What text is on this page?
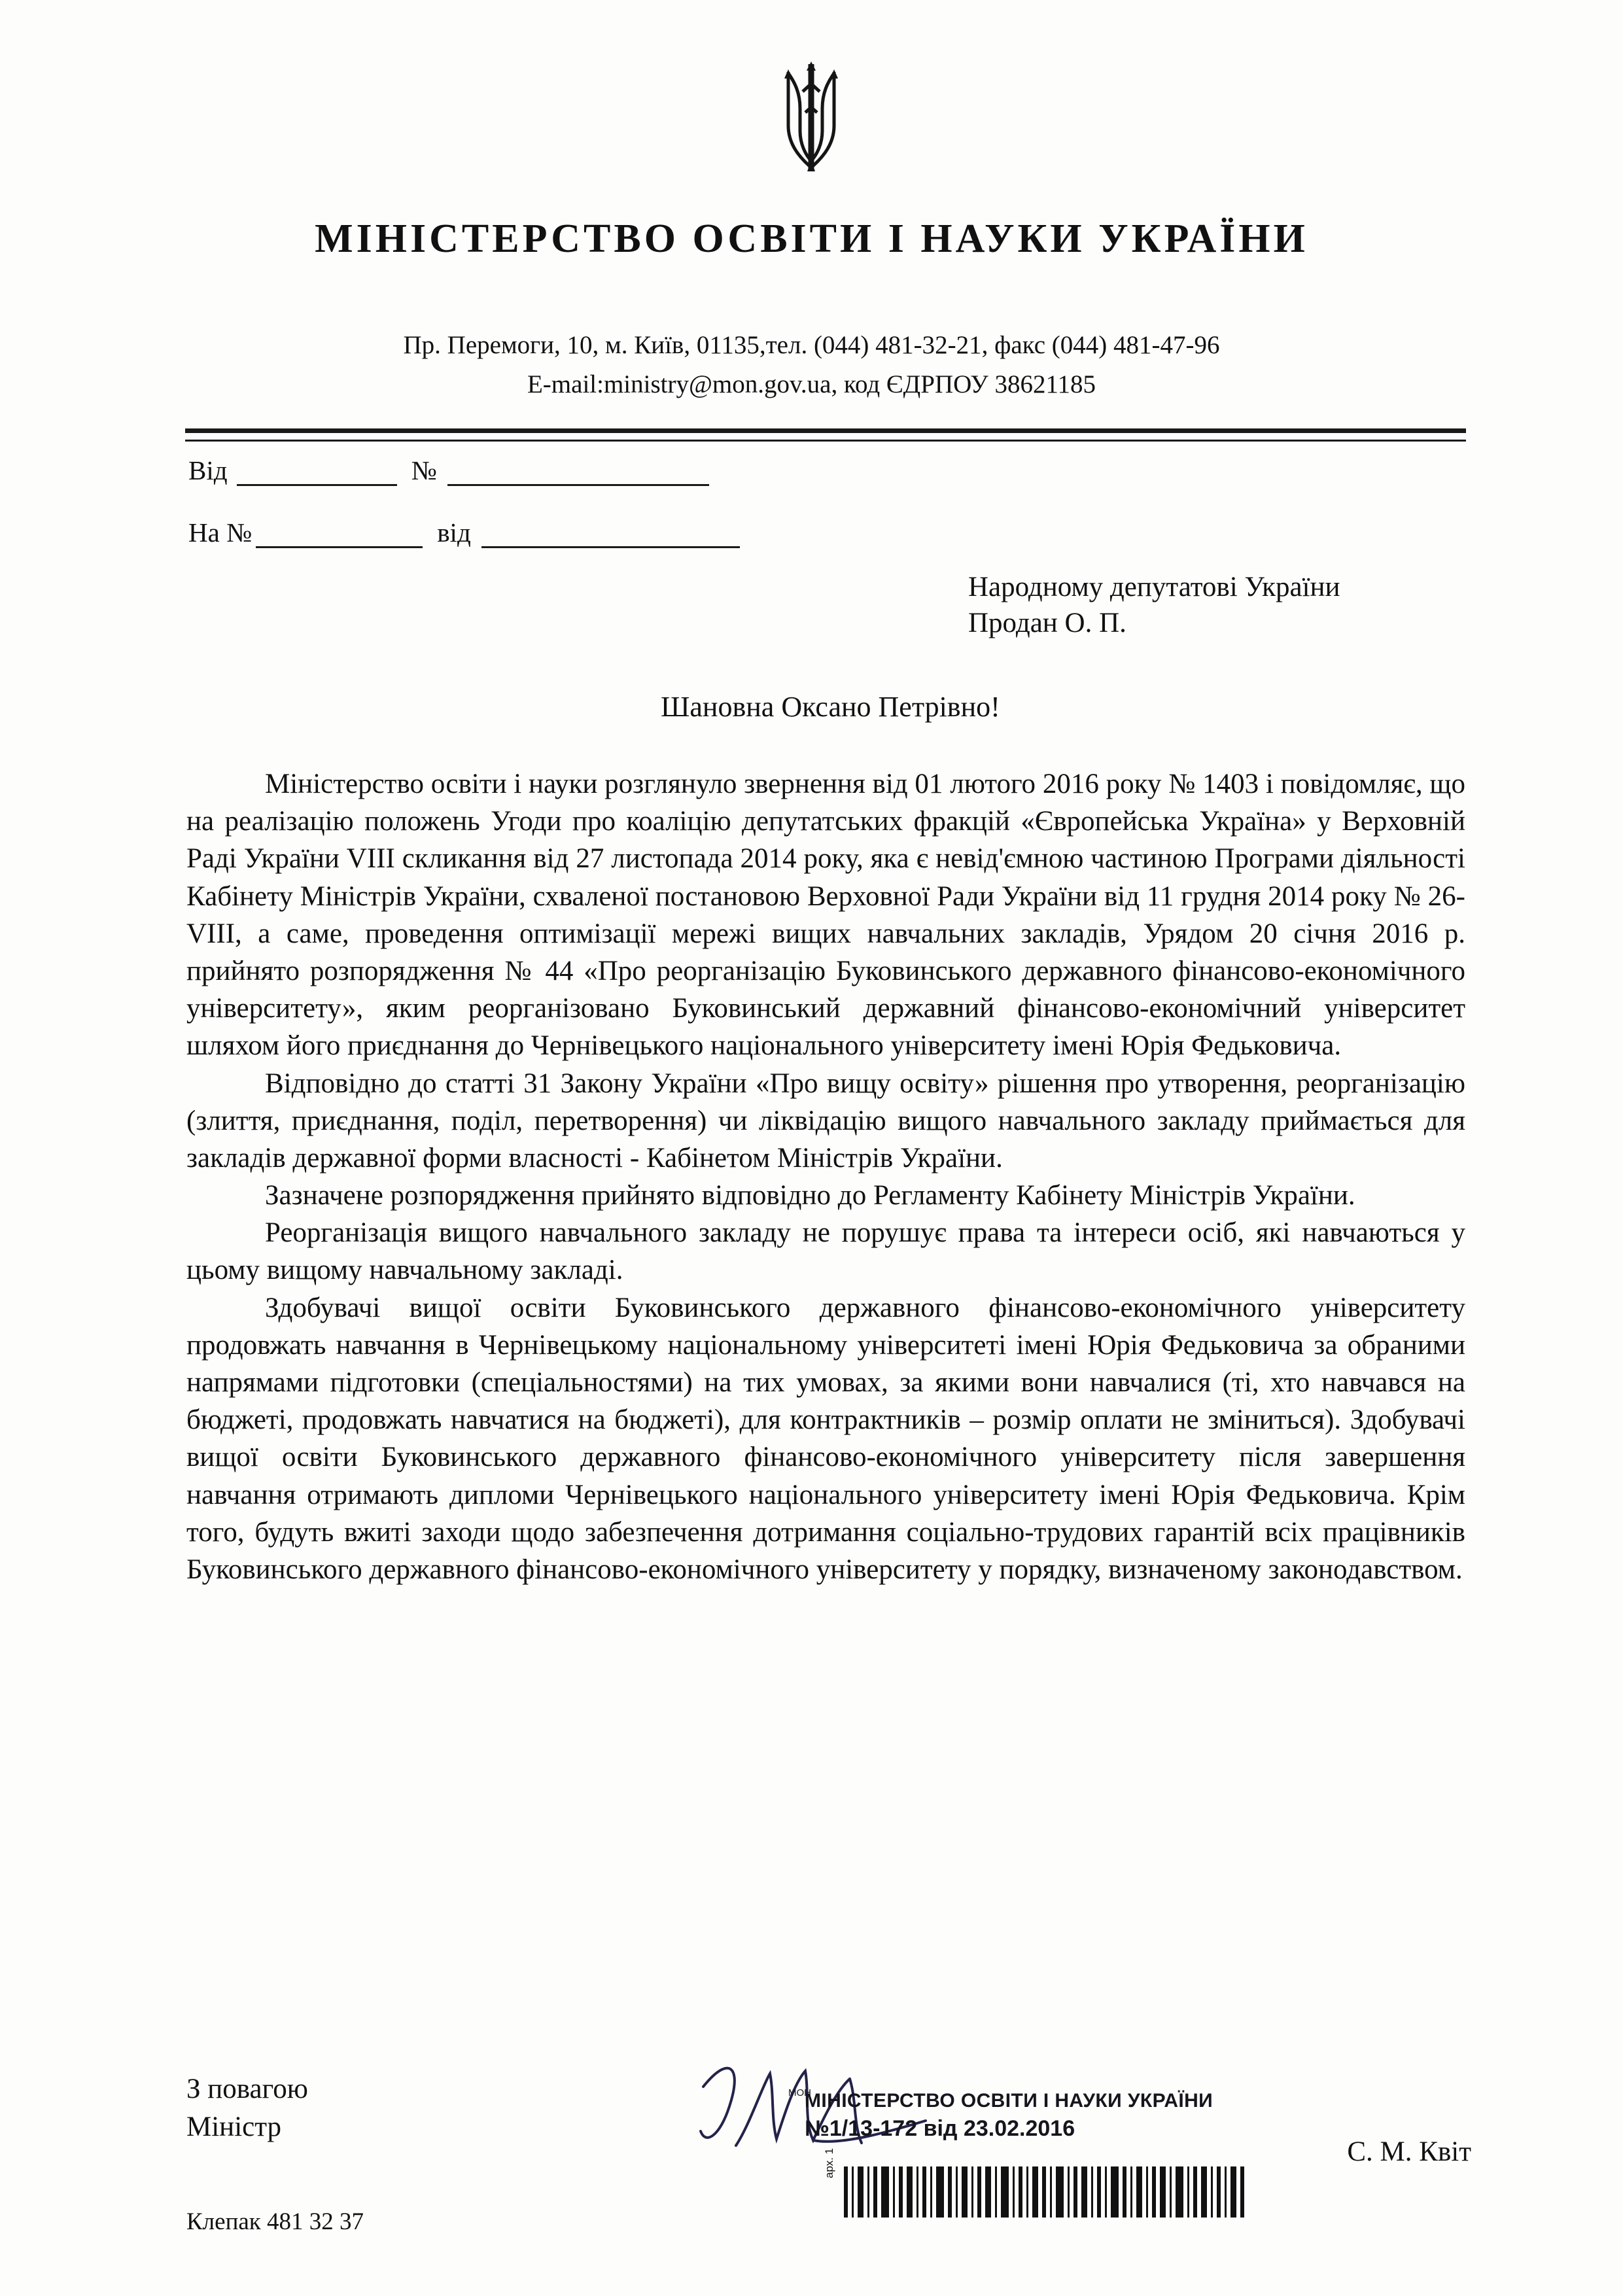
МІНІСТЕРСТВО ОСВІТИ І НАУКИ УКРАЇНИ
Пр. Перемоги, 10, м. Київ, 01135,тел. (044) 481-32-21, факс (044) 481-47-96
E-mail:ministry@mon.gov.ua, код ЄДРПОУ 38621185
Від	№
На №	від
Народному депутатові України
Продан О. П.
Шановна Оксано Петрівно!

Міністерство освіти і науки розглянуло звернення від 01 лютого 2016 року № 1403 і повідомляє, що на реалізацію положень Угоди про коаліцію депутатських фракцій «Європейська Україна» у Верховній Раді України VIII скликання від 27 листопада 2014 року, яка є невід'ємною частиною Програми діяльності Кабінету Міністрів України, схваленої постановою Верховної Ради України від 11 грудня 2014 року № 26-VIII, а саме, проведення оптимізації мережі вищих навчальних закладів, Урядом 20 січня 2016 р. прийнято розпорядження № 44 «Про реорганізацію Буковинського державного фінансово-економічного університету», яким реорганізовано Буковинський державний фінансово-економічний університет шляхом його приєднання до Чернівецького національного університету імені Юрія Федьковича.

Відповідно до статті 31 Закону України «Про вищу освіту» рішення про утворення, реорганізацію (злиття, приєднання, поділ, перетворення) чи ліквідацію вищого навчального закладу приймається для закладів державної форми власності - Кабінетом Міністрів України.

Зазначене розпорядження прийнято відповідно до Регламенту Кабінету Міністрів України.

Реорганізація вищого навчального закладу не порушує права та інтереси осіб, які навчаються у цьому вищому навчальному закладі.

Здобувачі вищої освіти Буковинського державного фінансово-економічного університету продовжать навчання в Чернівецькому національному університеті імені Юрія Федьковича за обраними напрямами підготовки (спеціальностями) на тих умовах, за якими вони навчалися (ті, хто навчався на бюджеті, продовжать навчатися на бюджеті), для контрактників – розмір оплати не зміниться). Здобувачі вищої освіти Буковинського державного фінансово-економічного університету після завершення навчання отримають дипломи Чернівецького національного університету імені Юрія Федьковича. Крім того, будуть вжиті заходи щодо забезпечення дотримання соціально-трудових гарантій всіх працівників Буковинського державного фінансово-економічного університету у порядку, визначеному законодавством.

З повагою
Міністр
С. М. Квіт
Клепак 481 32 37
МОН
МІНІСТЕРСТВО ОСВІТИ І НАУКИ УКРАЇНИ
№1/13-172 від 23.02.2016
арх. 1
